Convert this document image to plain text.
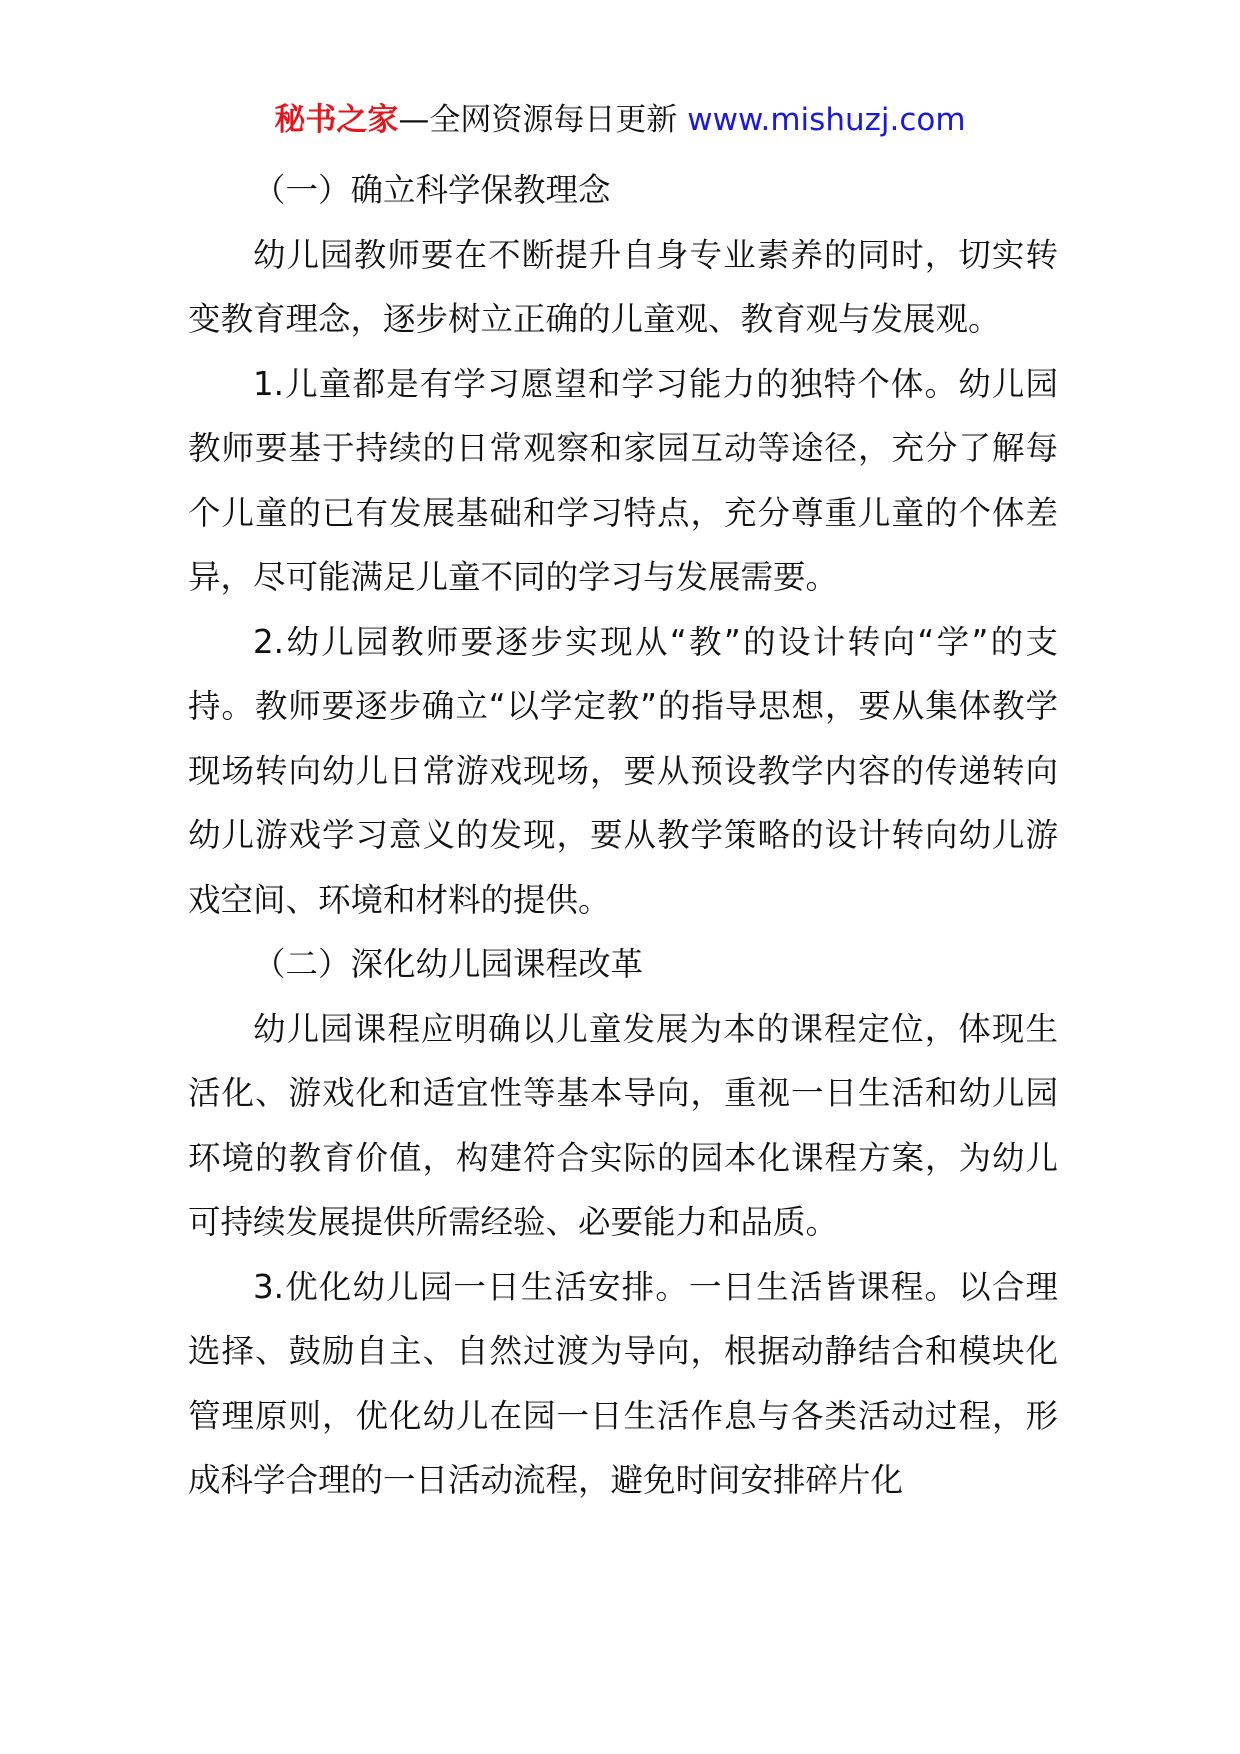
秘书之家—全网资源每日更新 www.mishuzj.com

（一）确立科学保教理念

幼儿园教师要在不断提升自身专业素养的同时，切实转变教育理念，逐步树立正确的儿童观、教育观与发展观。

1.儿童都是有学习愿望和学习能力的独特个体。幼儿园教师要基于持续的日常观察和家园互动等途径，充分了解每个儿童的已有发展基础和学习特点，充分尊重儿童的个体差异，尽可能满足儿童不同的学习与发展需要。

2.幼儿园教师要逐步实现从“教”的设计转向“学”的支持。教师要逐步确立“以学定教”的指导思想，要从集体教学现场转向幼儿日常游戏现场，要从预设教学内容的传递转向幼儿游戏学习意义的发现，要从教学策略的设计转向幼儿游戏空间、环境和材料的提供。

（二）深化幼儿园课程改革

幼儿园课程应明确以儿童发展为本的课程定位，体现生活化、游戏化和适宜性等基本导向，重视一日生活和幼儿园环境的教育价值，构建符合实际的园本化课程方案，为幼儿可持续发展提供所需经验、必要能力和品质。

3.优化幼儿园一日生活安排。一日生活皆课程。以合理选择、鼓励自主、自然过渡为导向，根据动静结合和模块化管理原则，优化幼儿在园一日生活作息与各类活动过程，形成科学合理的一日活动流程，避免时间安排碎片化
